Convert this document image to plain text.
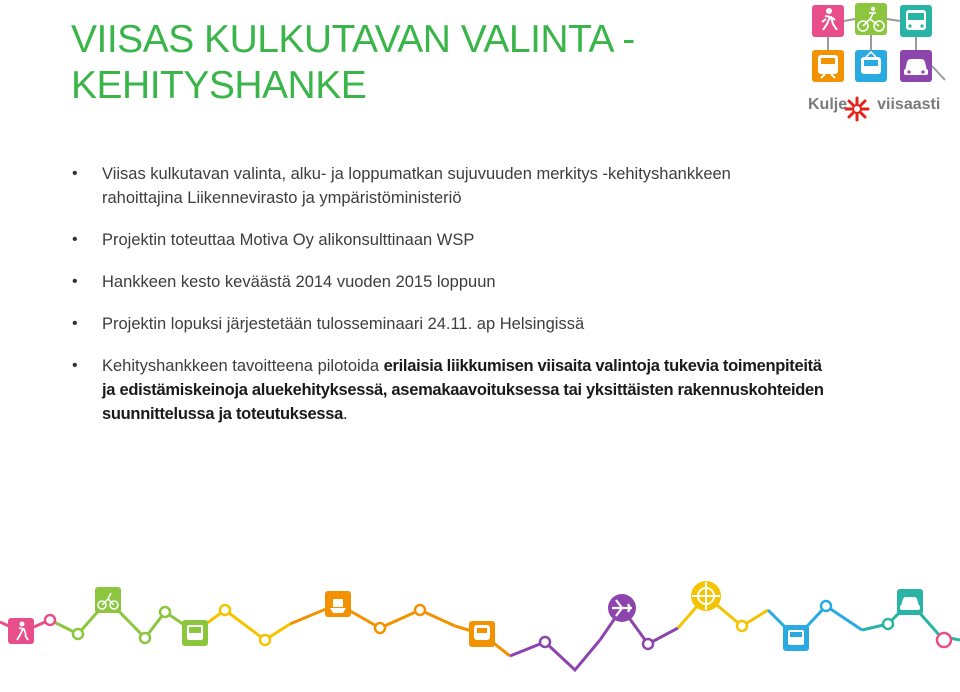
VIISAS KULKUTAVAN VALINTA -
KEHITYSHANKE	Kulje viisaasti
• Viisas kulkutavan valinta, alku- ja loppumatkan sujuvuuden merkitys -kehityshankkeen
rahoittajina Liikennevirasto ja ympäristöministeriö
• Projektin toteuttaa Motiva Oy alikonsulttinaan WSP
• Hankkeen kesto keväästä 2014 vuoden 2015 loppuun
• Projektin lopuksi järjestetään tulosseminaari 24.11. ap Helsingissä
• Kehityshankkeen tavoitteena pilotoida erilaisia liikkumisen viisaita valintoja tukevia toimenpiteitä
ja edistämiskeinoja aluekehityksessä, asemakaavoituksessa tai yksittäisten rakennuskohteiden
suunnittelussa ja toteutuksessa.
